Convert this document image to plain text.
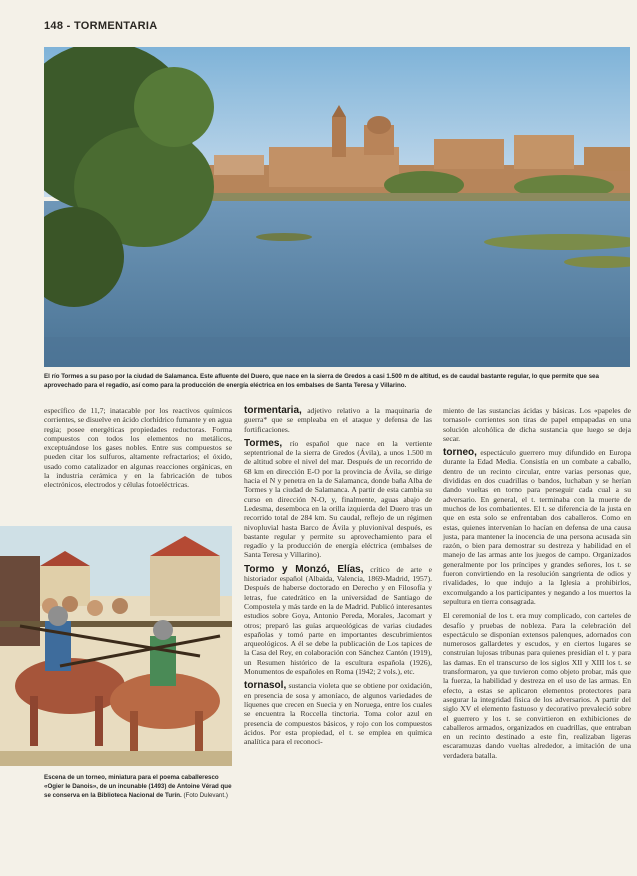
148 - TORMENTARIA
El río Tormes a su paso por la ciudad de Salamanca. Este afluente del Duero, que nace en la sierra de Gredos a casi 1.500 m de altitud, es de caudal bastante regular, lo que permite que sea aprovechado para el regadío, así como para la producción de energía eléctrica en los embalses de Santa Teresa y Villarino.

específico de 11,7; inatacable por los reactivos químicos corrientes, se disuelve en ácido clorhídrico fumante y en agua regia; posee energéticas propiedades reductoras. Forma compuestos con todos los elementos no metálicos, exceptuándose los gases nobles. Entre sus compuestos se pueden citar los sulfuros, altamente refractarios; el óxido, usado como catalizador en algunas reacciones orgánicas, en la industria cerámica y en la fabricación de tubos electrónicos, electrodos y células fotoeléctricas.

Escena de un torneo, miniatura para el poema caballeresco «Ogier le Danois», de un incunable (1493) de Antoine Vérad que se conserva en la Biblioteca Nacional de Turín. (Foto Dulevant.)
tormentaria, adjetivo relativo a la maquinaria de guerra* que se empleaba en el ataque y defensa de las fortificaciones.
Tormes, río español que nace en la vertiente septentrional de la sierra de Gredos (Ávila), a unos 1.500 m de altitud sobre el nivel del mar. Después de un recorrido de 68 km en dirección E-O por la provincia de Ávila, se dirige hacia el N y penetra en la de Salamanca, donde baña Alba de Tormes y la ciudad de Salamanca. A partir de esta cambia su curso en dirección N-O, y, finalmente, aguas abajo de Ledesma, desemboca en la orilla izquierda del Duero tras un recorrido total de 284 km. Su caudal, reflejo de un régimen nivopluvial hasta Barco de Ávila y pluvionival después, es bastante regular y permite su aprovechamiento para el regadío y la producción de energía eléctrica (embalses de Santa Teresa y Villarino).
Tormo y Monzó, Elías, crítico de arte e historiador español (Albaida, Valencia, 1869-Madrid, 1957). Después de haberse doctorado en Derecho y en Filosofía y letras, fue catedrático en la universidad de Santiago de Compostela y más tarde en la de Madrid. Publicó interesantes estudios sobre Goya, Antonio Pereda, Morales, Jacomart y otros; preparó las guías arqueológicas de varias ciudades españolas y tomó parte en importantes descubrimientos arqueológicos. A él se debe la publicación de Los tapices de la Casa del Rey, en colaboración con Sánchez Cantón (1919), un Resumen histórico de la escultura española (1926), Monumentos de españoles en Roma (1942; 2 vols.), etc.
tornasol, sustancia violeta que se obtiene por oxidación, en presencia de sosa y amoníaco, de algunos variedades de líquenes que crecen en Suecia y en Noruega, entre los cuales se encuentra la Roccella tinctoria. Toma color azul en presencia de compuestos básicos, y rojo con los compuestos ácidos. Por esta propiedad, el t. se emplea en química analítica para el reconoci-
miento de las sustancias ácidas y básicas. Los «papeles de tornasol» corrientes son tiras de papel empapadas en una solución alcohólica de dicha sustancia que luego se deja secar.
torneo, espectáculo guerrero muy difundido en Europa durante la Edad Media. Consistía en un combate a caballo, dentro de un recinto circular, entre varias personas que, divididas en dos cuadrillas o bandos, luchaban y se herían dando vueltas en torno para perseguir cada cual a su adversario. En general, el t. terminaba con la muerte de muchos de los combatientes. El t. se diferencia de la justa en que en esta solo se enfrentaban dos caballeros. Como en estas, quienes intervenían lo hacían en defensa de una causa justa, para mantener la inocencia de una persona acusada sin razón, o bien para demostrar su destreza y habilidad en el manejo de las armas ante los juegos de campo. Organizados generalmente por los príncipes y grandes señores, los t. se fueron convirtiendo en la resolución sangrienta de odios y rivalidades, lo que indujo a la Iglesia a prohibirlos, excomulgando a los participantes y negando a los muertos la sepultura en tierra consagrada.
El ceremonial de los t. era muy complicado, con carteles de desafío y pruebas de nobleza. Para la celebración del espectáculo se disponían extensos palenques, adornados con numerosos gallardetes y escudos, y en ciertos lugares se construían lujosas tribunas para quienes presidían el t. y para las damas. En el transcurso de los siglos XII y XIII los t. se transformaron, ya que tuvieron como objeto probar, más que la fuerza, la habilidad y destreza en el uso de las armas. En efecto, a estas se aplicaron elementos protectores para asegurar la integridad física de los adversarios. A partir del siglo XV el elemento fastuoso y decorativo prevaleció sobre el guerrero y los t. se convirtieron en exhibiciones de caballeros armados, organizados en cuadrillas, que entraban en un recinto destinado a este fin, realizaban ligeras escaramuzas dando vueltas alrededor, a imitación de una verdadera batalla.
